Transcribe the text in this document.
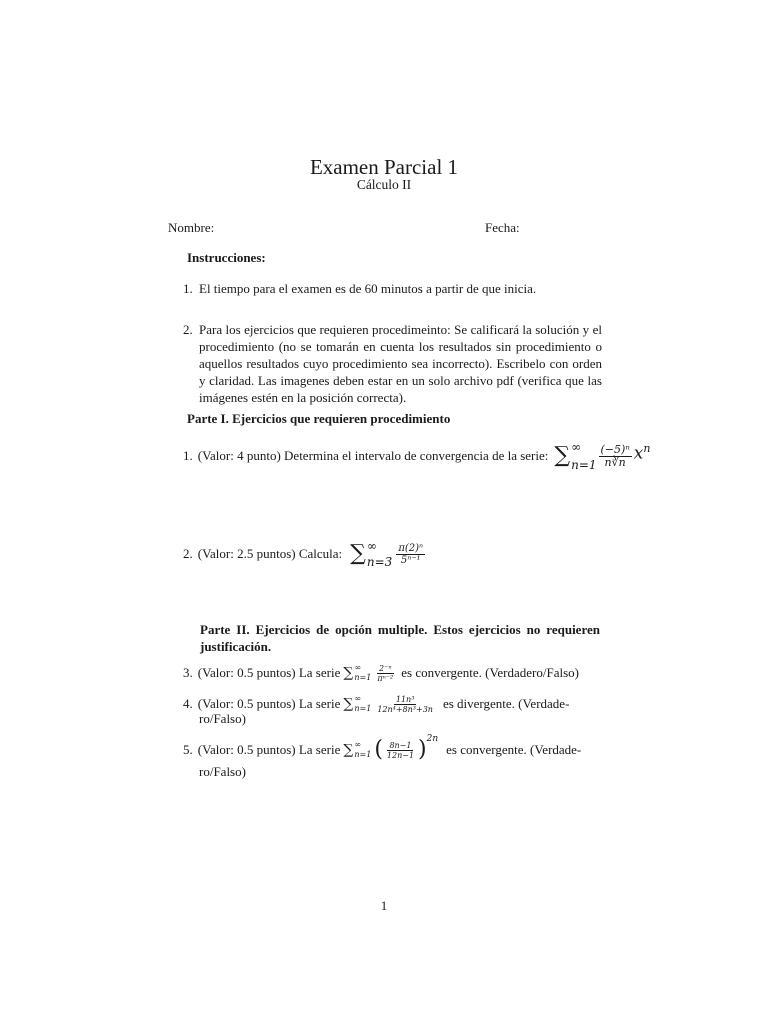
Examen Parcial 1
Cálculo II
Nombre:	Fecha:
Instrucciones:
1. El tiempo para el examen es de 60 minutos a partir de que inicia.
2. Para los ejercicios que requieren procedimeinto: Se calificará la solución y el procedimiento (no se tomarán en cuenta los resultados sin procedimiento o aquellos resultados cuyo procedimiento sea incorrecto). Escribelo con orden y claridad. Las imagenes deben estar en un solo archivo pdf (verifica que las imágenes estén en la posición correcta).
Parte I. Ejercicios que requieren procedimiento
1. (Valor: 4 punto) Determina el intervalo de convergencia de la serie: ∑ ∞
$n=1 \frac{\text{(−5)ⁿ}}{n∛n} x^n$
2. (Valor: 2.5 puntos) Calcula: ∑ ∞
$n=3 \frac{\text{π(2)ⁿ}}{\text{5ⁿ⁻¹}}$
Parte II. Ejercicios de opción multiple. Estos ejercicios no requieren justificación.
3. (Valor: 0.5 puntos) La serie ∑ ∞
$n=1 \frac{\text{2⁻ⁿ}}{\text{πⁿ⁻²}}$ es convergente. (Verdadero/Falso)
4. (Valor: 0.5 puntos) La serie ∑ ∞
$n=1 \frac{\text{11n³}}{\text{12n⁴+8n³+3n}}$ es divergente. (Verdade-
ro/Falso)
5. (Valor: 0.5 puntos) La serie ∑ ∞
n=1 ( $\frac{8n-1}{12n-1}$ ) 2n
es convergente. (Verdade-
ro/Falso)
1
